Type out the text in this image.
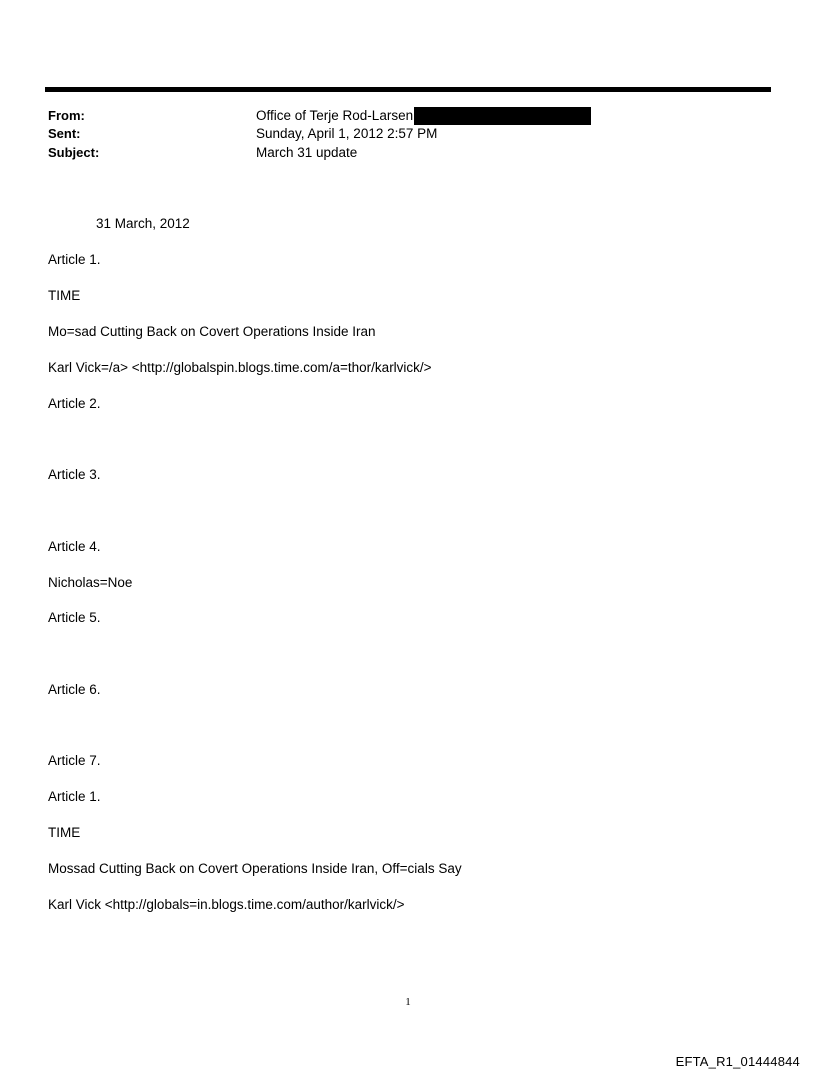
From:	Office of Terje Rod-Larsen
Sent:	Sunday, April 1, 2012 2:57 PM
Subject:	March 31 update
31 March, 2012
Article 1.
TIME
Mo=sad Cutting Back on Covert Operations Inside Iran
Karl Vick=/a> <http://globalspin.blogs.time.com/a=thor/karlvick/>
Article 2.
Article 3.
Article 4.
Nicholas=Noe
Article 5.
Article 6.
Article 7.
Article 1.
TIME
Mossad Cutting Back on Covert Operations Inside Iran, Off=cials Say
Karl Vick <http://globals=in.blogs.time.com/author/karlvick/>
1
EFTA_R1_01444844
